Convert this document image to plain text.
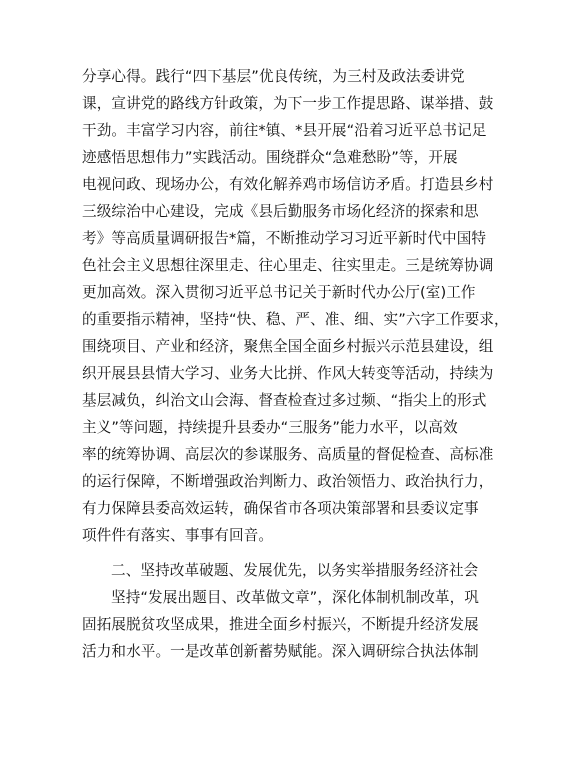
分享心得。践行“四下基层”优良传统，为三村及政法委讲党
课，宣讲党的路线方针政策，为下一步工作提思路、谋举措、鼓
干劲。丰富学习内容，前往*镇、*县开展“沿着习近平总书记足
迹感悟思想伟力”实践活动。围绕群众“急难愁盼”等，开展
电视问政、现场办公，有效化解养鸡市场信访矛盾。打造县乡村
三级综治中心建设，完成《县后勤服务市场化经济的探索和思
考》等高质量调研报告*篇，不断推动学习习近平新时代中国特
色社会主义思想往深里走、往心里走、往实里走。三是统筹协调
更加高效。深入贯彻习近平总书记关于新时代办公厅(室)工作
的重要指示精神，坚持“快、稳、严、准、细、实”六字工作要求，
围绕项目、产业和经济，聚焦全国全面乡村振兴示范县建设，组
织开展县县情大学习、业务大比拼、作风大转变等活动，持续为
基层减负，纠治文山会海、督查检查过多过频、“指尖上的形式
主义”等问题，持续提升县委办“三服务”能力水平，以高效
率的统筹协调、高层次的参谋服务、高质量的督促检查、高标准
的运行保障，不断增强政治判断力、政治领悟力、政治执行力，
有力保障县委高效运转，确保省市各项决策部署和县委议定事
项件件有落实、事事有回音。
二、坚持改革破题、发展优先，以务实举措服务经济社会
坚持“发展出题目、改革做文章”，深化体制机制改革，巩
固拓展脱贫攻坚成果，推进全面乡村振兴，不断提升经济发展
活力和水平。一是改革创新蓄势赋能。深入调研综合执法体制
